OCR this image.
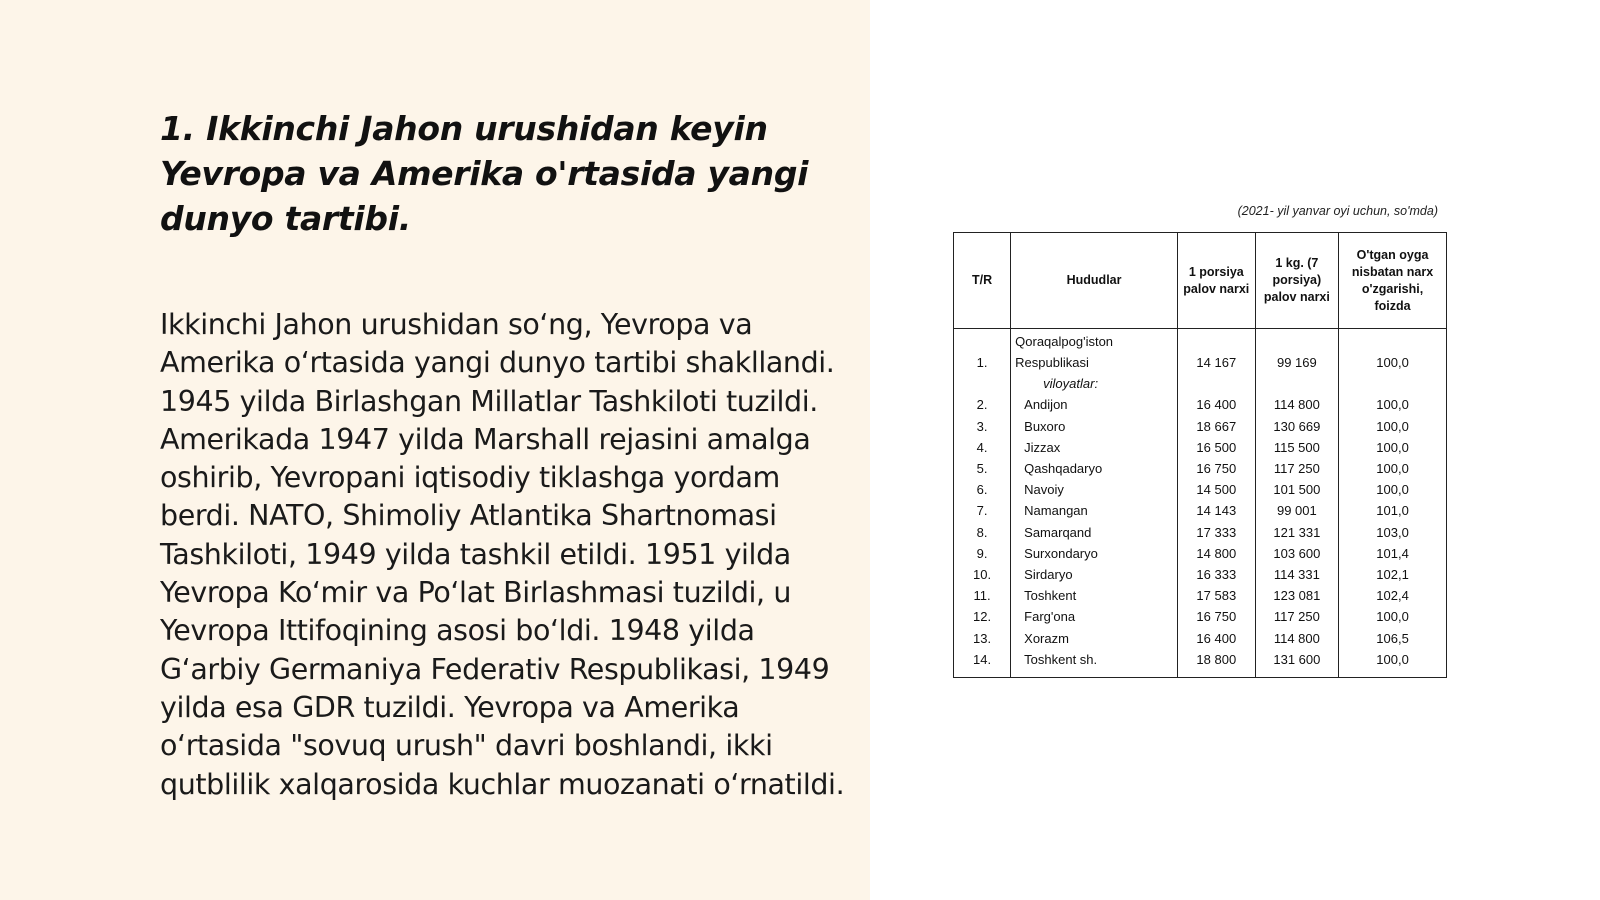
1. Ikkinchi Jahon urushidan keyin Yevropa va Amerika o'rtasida yangi dunyo tartibi.

Ikkinchi Jahon urushidan so‘ng, Yevropa va Amerika o‘rtasida yangi dunyo tartibi shakllandi. 1945 yilda Birlashgan Millatlar Tashkiloti tuzildi. Amerikada 1947 yilda Marshall rejasini amalga oshirib, Yevropani iqtisodiy tiklashga yordam berdi. NATO, Shimoliy Atlantika Shartnomasi Tashkiloti, 1949 yilda tashkil etildi. 1951 yilda Yevropa Ko‘mir va Po‘lat Birlashmasi tuzildi, u Yevropa Ittifoqining asosi bo‘ldi. 1948 yilda G‘arbiy Germaniya Federativ Respublikasi, 1949 yilda esa GDR tuzildi. Yevropa va Amerika o‘rtasida "sovuq urush" davri boshlandi, ikki qutblilik xalqarosida kuchlar muozanati o‘rnatildi.

(2021- yil yanvar oyi uchun, so'mda)
T/R	Hududlar	1 porsiya palov narxi	1 kg. (7 porsiya) palov narxi	O'tgan oyga nisbatan narx o'zgarishi, foizda
	Qoraqalpog'iston			
1.	Respublikasi	14 167	99 169	100,0
	viloyatlar:			
2.	Andijon	16 400	114 800	100,0
3.	Buxoro	18 667	130 669	100,0
4.	Jizzax	16 500	115 500	100,0
5.	Qashqadaryo	16 750	117 250	100,0
6.	Navoiy	14 500	101 500	100,0
7.	Namangan	14 143	99 001	101,0
8.	Samarqand	17 333	121 331	103,0
9.	Surxondaryo	14 800	103 600	101,4
10.	Sirdaryo	16 333	114 331	102,1
11.	Toshkent	17 583	123 081	102,4
12.	Farg'ona	16 750	117 250	100,0
13.	Xorazm	16 400	114 800	106,5
14.	Toshkent sh.	18 800	131 600	100,0
